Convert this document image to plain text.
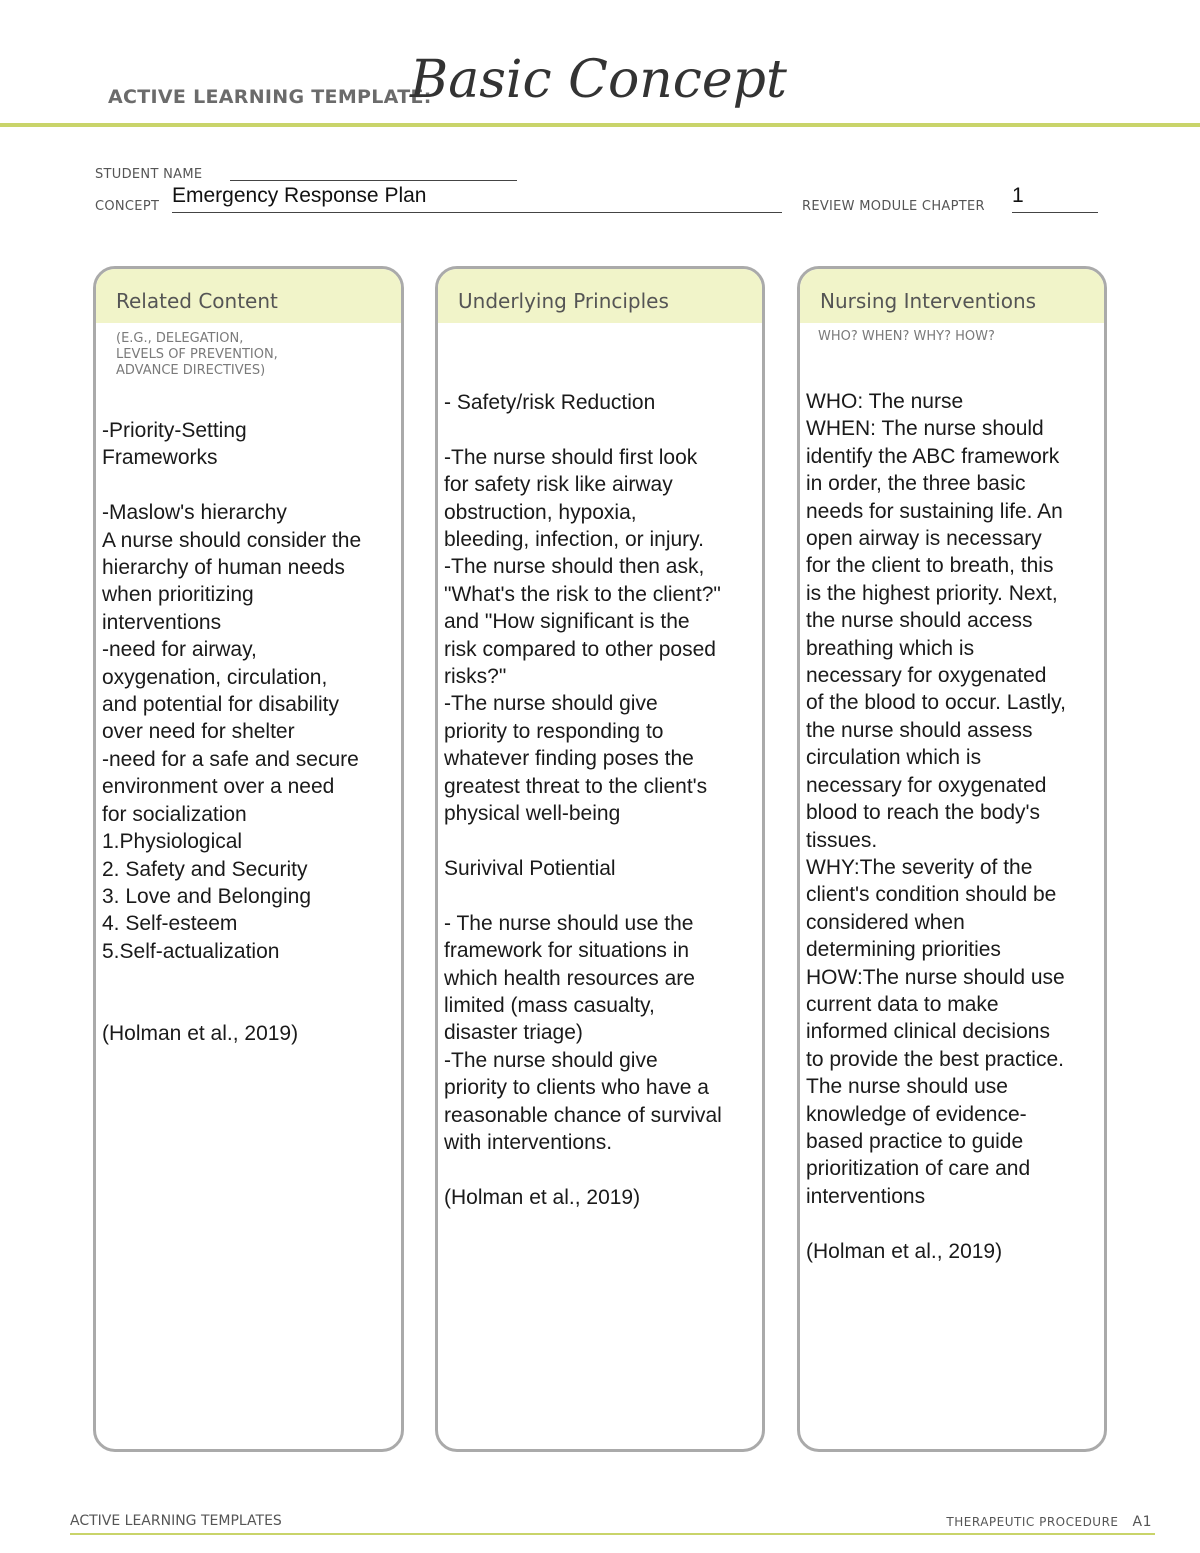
ACTIVE LEARNING TEMPLATE:
Basic Concept
STUDENT NAME
CONCEPT Emergency Response Plan	REVIEW MODULE CHAPTER 1
Related Content
(E.G., DELEGATION,
LEVELS OF PREVENTION,
ADVANCE DIRECTIVES)
-Priority-Setting
Frameworks

-Maslow's hierarchy
A nurse should consider the
hierarchy of human needs
when prioritizing
interventions
-need for airway,
oxygenation, circulation,
and potential for disability
over need for shelter
-need for a safe and secure
environment over a need
for socialization
1.Physiological
2. Safety and Security
3. Love and Belonging
4. Self-esteem
5.Self-actualization

(Holman et al., 2019)
Underlying Principles
- Safety/risk Reduction

-The nurse should first look
for safety risk like airway
obstruction, hypoxia,
bleeding, infection, or injury.
-The nurse should then ask,
"What's the risk to the client?"
and "How significant is the
risk compared to other posed
risks?"
-The nurse should give
priority to responding to
whatever finding poses the
greatest threat to the client's
physical well-being

Surivival Potiential

- The nurse should use the
framework for situations in
which health resources are
limited (mass casualty,
disaster triage)
-The nurse should give
priority to clients who have a
reasonable chance of survival
with interventions.

(Holman et al., 2019)
Nursing Interventions
WHO? WHEN? WHY? HOW?
WHO: The nurse
WHEN: The nurse should
identify the ABC framework
in order, the three basic
needs for sustaining life. An
open airway is necessary
for the client to breath, this
is the highest priority. Next,
the nurse should access
breathing which is
necessary for oxygenated
of the blood to occur. Lastly,
the nurse should assess
circulation which is
necessary for oxygenated
blood to reach the body's
tissues.
WHY:The severity of the
client's condition should be
considered when
determining priorities
HOW:The nurse should use
current data to make
informed clinical decisions
to provide the best practice.
The nurse should use
knowledge of evidence-
based practice to guide
prioritization of care and
interventions

(Holman et al., 2019)
ACTIVE LEARNING TEMPLATES	THERAPEUTIC PROCEDURE A1
